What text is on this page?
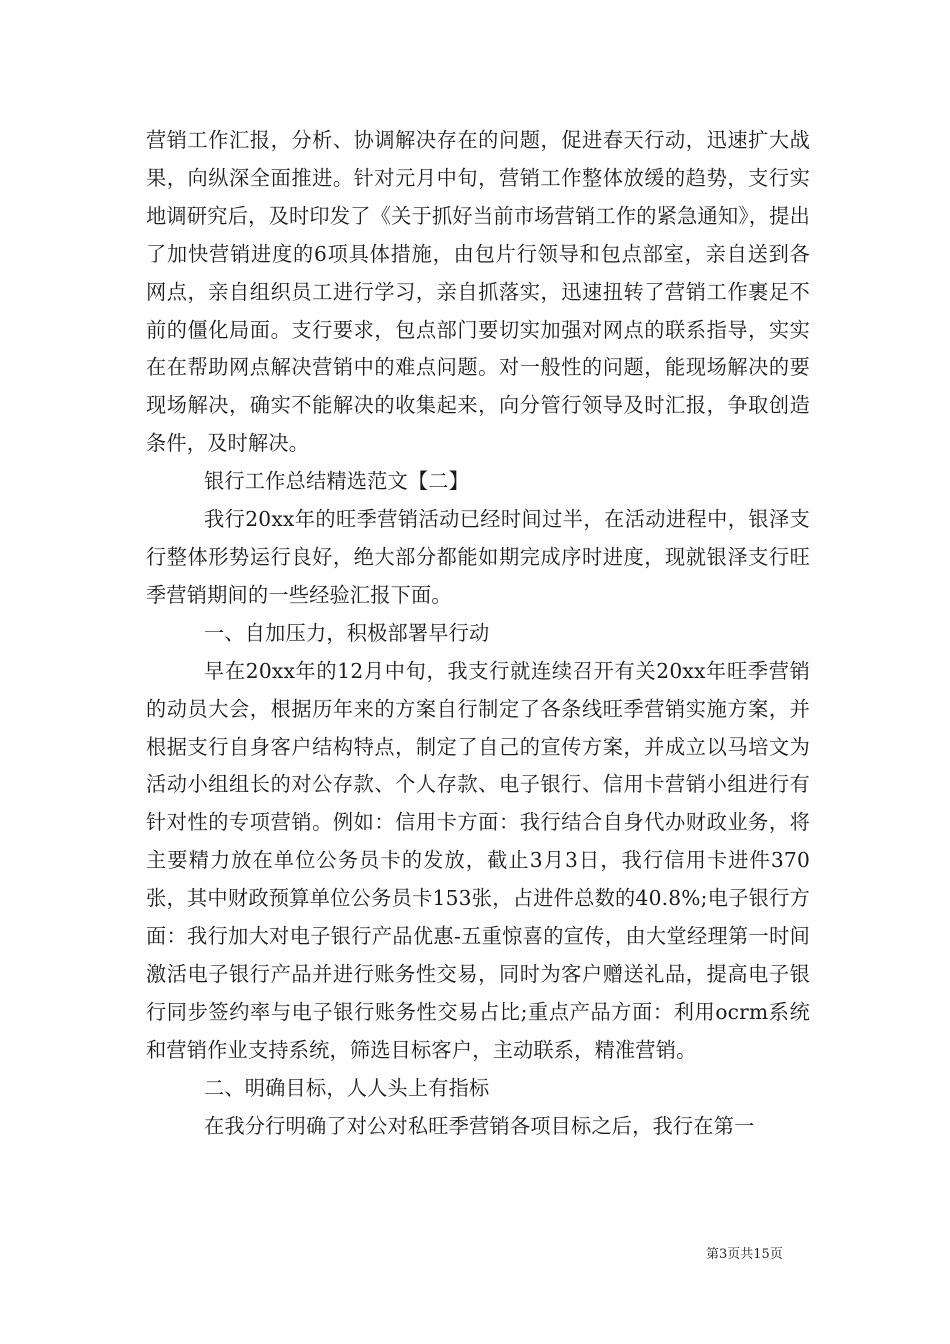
营销工作汇报，分析、协调解决存在的问题，促进春天行动，迅速扩大战果，向纵深全面推进。针对元月中旬，营销工作整体放缓的趋势，支行实地调研究后，及时印发了《关于抓好当前市场营销工作的紧急通知》，提出了加快营销进度的6项具体措施，由包片行领导和包点部室，亲自送到各网点，亲自组织员工进行学习，亲自抓落实，迅速扭转了营销工作裹足不前的僵化局面。支行要求，包点部门要切实加强对网点的联系指导，实实在在帮助网点解决营销中的难点问题。对一般性的问题，能现场解决的要现场解决，确实不能解决的收集起来，向分管行领导及时汇报，争取创造条件，及时解决。

银行工作总结精选范文【二】

我行20xx年的旺季营销活动已经时间过半，在活动进程中，银泽支行整体形势运行良好，绝大部分都能如期完成序时进度，现就银泽支行旺季营销期间的一些经验汇报下面。

一、自加压力，积极部署早行动

早在20xx年的12月中旬，我支行就连续召开有关20xx年旺季营销的动员大会，根据历年来的方案自行制定了各条线旺季营销实施方案，并根据支行自身客户结构特点，制定了自己的宣传方案，并成立以马培文为活动小组组长的对公存款、个人存款、电子银行、信用卡营销小组进行有针对性的专项营销。例如：信用卡方面：我行结合自身代办财政业务，将主要精力放在单位公务员卡的发放，截止3月3日，我行信用卡进件370张，其中财政预算单位公务员卡153张，占进件总数的40.8%;电子银行方面：我行加大对电子银行产品优惠-五重惊喜的宣传，由大堂经理第一时间激活电子银行产品并进行账务性交易，同时为客户赠送礼品，提高电子银行同步签约率与电子银行账务性交易占比;重点产品方面：利用ocrm系统和营销作业支持系统，筛选目标客户，主动联系，精准营销。

二、明确目标，人人头上有指标

在我分行明确了对公对私旺季营销各项目标之后，我行在第一

第3页共15页
